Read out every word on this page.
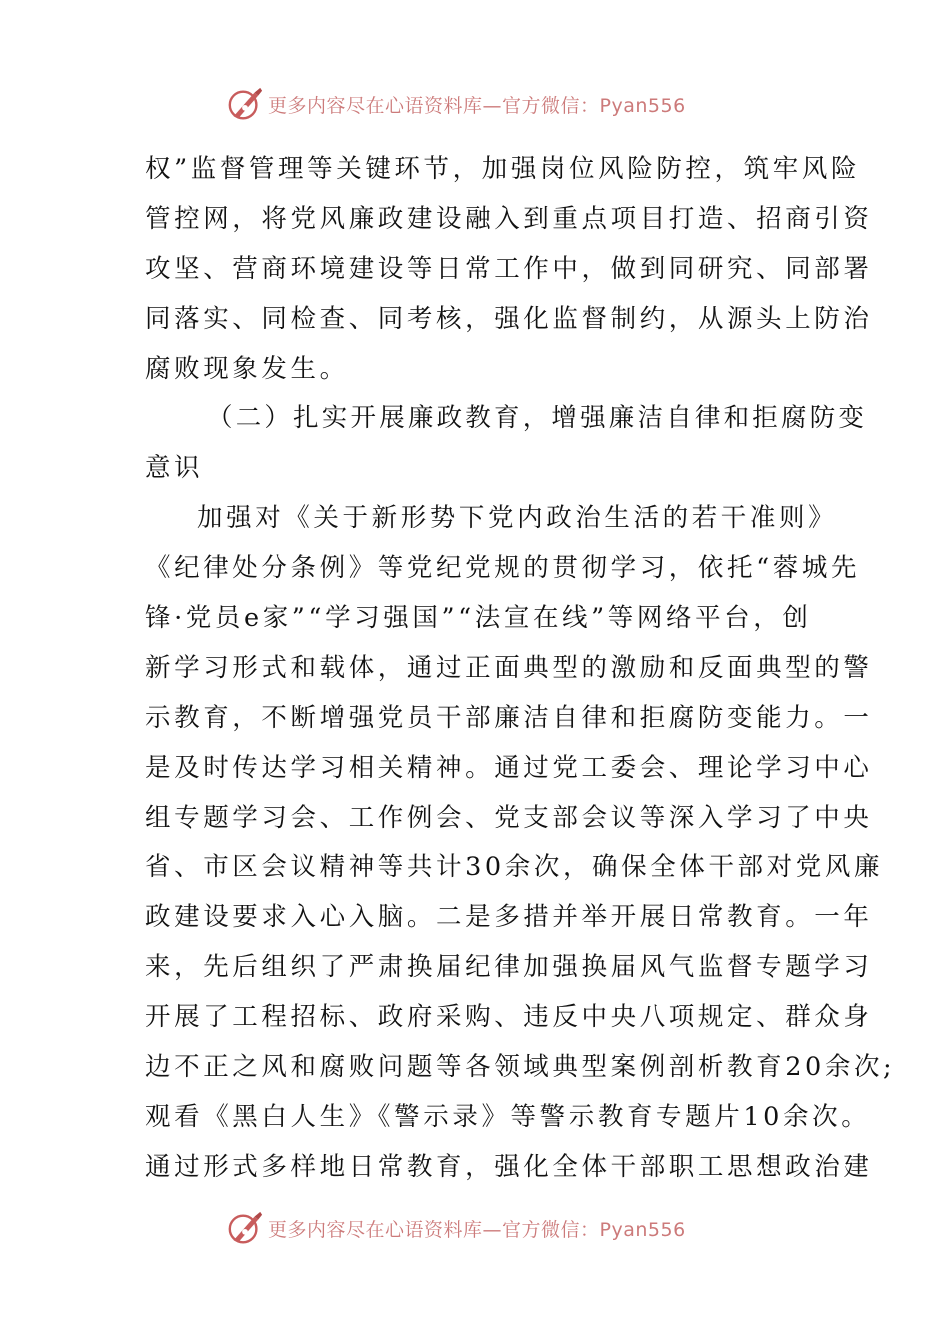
更多内容尽在心语资料库—官方微信：Pyan556
权”监督管理等关键环节，加强岗位风险防控，筑牢风险
管控网，将党风廉政建设融入到重点项目打造、招商引资
攻坚、营商环境建设等日常工作中，做到同研究、同部署
同落实、同检查、同考核，强化监督制约，从源头上防治
腐败现象发生。
（二）扎实开展廉政教育，增强廉洁自律和拒腐防变
意识
加强对《关于新形势下党内政治生活的若干准则》
《纪律处分条例》等党纪党规的贯彻学习，依托“蓉城先
锋·党员e家”“学习强国”“法宣在线”等网络平台，创
新学习形式和载体，通过正面典型的激励和反面典型的警
示教育，不断增强党员干部廉洁自律和拒腐防变能力。一
是及时传达学习相关精神。通过党工委会、理论学习中心
组专题学习会、工作例会、党支部会议等深入学习了中央
省、市区会议精神等共计30余次，确保全体干部对党风廉
政建设要求入心入脑。二是多措并举开展日常教育。一年
来，先后组织了严肃换届纪律加强换届风气监督专题学习
开展了工程招标、政府采购、违反中央八项规定、群众身
边不正之风和腐败问题等各领域典型案例剖析教育20余次;
观看《黑白人生》《警示录》等警示教育专题片10余次。
通过形式多样地日常教育，强化全体干部职工思想政治建
更多内容尽在心语资料库—官方微信：Pyan556
